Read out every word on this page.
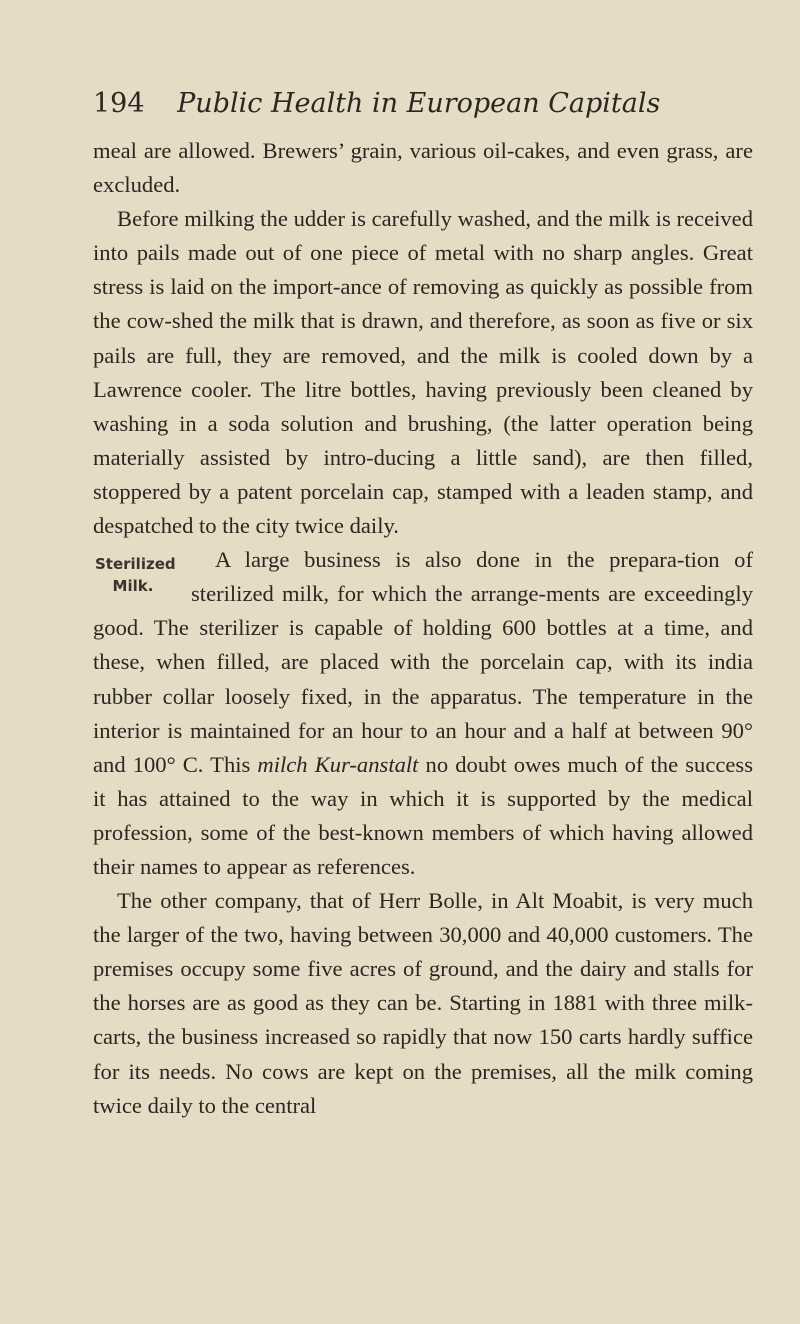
194 Public Health in European Capitals

meal are allowed. Brewers’ grain, various oil-cakes, and even grass, are excluded.

Before milking the udder is carefully washed, and the milk is received into pails made out of one piece of metal with no sharp angles. Great stress is laid on the import-ance of removing as quickly as possible from the cow-shed the milk that is drawn, and therefore, as soon as five or six pails are full, they are removed, and the milk is cooled down by a Lawrence cooler. The litre bottles, having previously been cleaned by washing in a soda solution and brushing, (the latter operation being materially assisted by intro-ducing a little sand), are then filled, stoppered by a patent porcelain cap, stamped with a leaden stamp, and despatched to the city twice daily.

Sterilized
Milk.
A large business is also done in the prepara-tion of sterilized milk, for which the arrange-ments are exceedingly good. The sterilizer is capable of holding 600 bottles at a time, and these, when filled, are placed with the porcelain cap, with its india rubber collar loosely fixed, in the apparatus. The temperature in the interior is maintained for an hour to an hour and a half at between 90° and 100° C. This milch Kur-anstalt no doubt owes much of the success it has attained to the way in which it is supported by the medical profession, some of the best-known members of which having allowed their names to appear as references.

The other company, that of Herr Bolle, in Alt Moabit, is very much the larger of the two, having between 30,000 and 40,000 customers. The premises occupy some five acres of ground, and the dairy and stalls for the horses are as good as they can be. Starting in 1881 with three milk-carts, the business increased so rapidly that now 150 carts hardly suffice for its needs. No cows are kept on the premises, all the milk coming twice daily to the central
